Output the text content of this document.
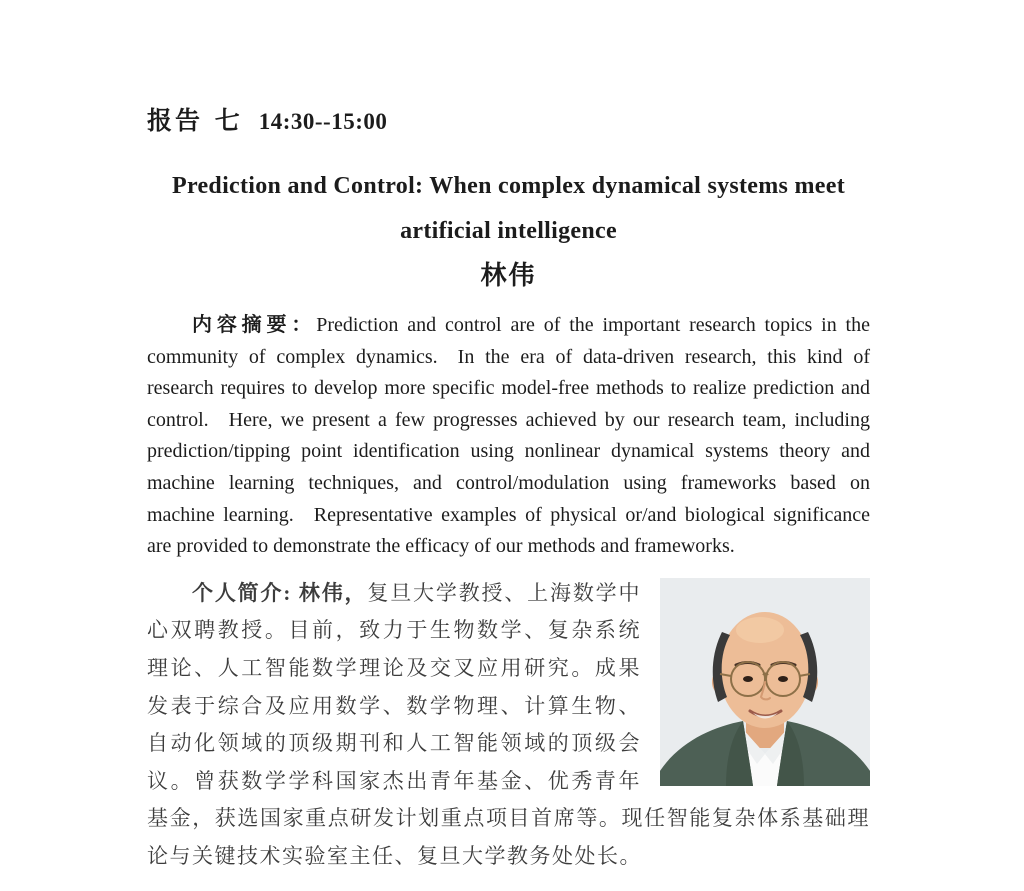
报告 七 14:30--15:00
Prediction and Control: When complex dynamical systems meet
artificial intelligence
林伟

内容摘要：Prediction and control are of the important research topics in the community of complex dynamics. In the era of data-driven research, this kind of research requires to develop more specific model-free methods to realize prediction and control. Here, we present a few progresses achieved by our research team, including prediction/tipping point identification using nonlinear dynamical systems theory and machine learning techniques, and control/modulation using frameworks based on machine learning. Representative examples of physical or/and biological significance are provided to demonstrate the efficacy of our methods and frameworks.

个人简介: 林伟，复旦大学教授、上海数学中心双聘教授。目前，致力于生物数学、复杂系统理论、人工智能数学理论及交叉应用研究。成果发表于综合及应用数学、数学物理、计算生物、自动化领域的顶级期刊和人工智能领域的顶级会议。曾获数学学科国家杰出青年基金、优秀青年基金，获选国家重点研发计划重点项目首席等。现任智能复杂体系基础理论与关键技术实验室主任、复旦大学教务处处长。
